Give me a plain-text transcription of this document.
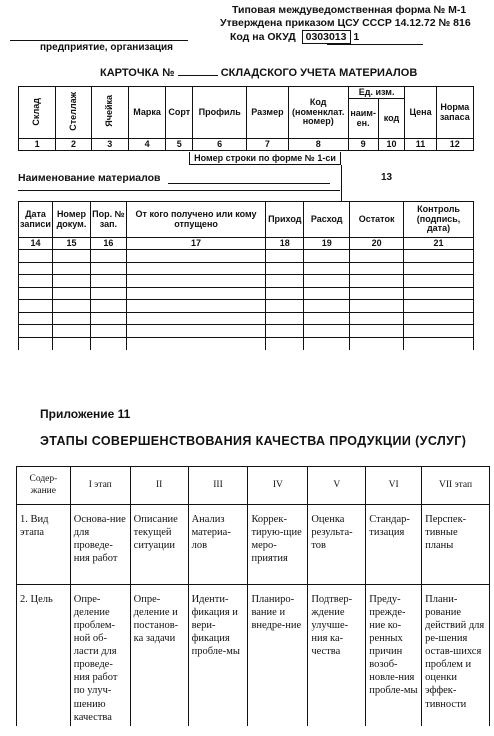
Типовая междуведомственная форма № М-1
Утверждена приказом ЦСУ СССР 14.12.72 № 816
Код на ОКУД 0303013 1
предприятие, организация
КАРТОЧКА №	СКЛАДСКОГО УЧЕТА МАТЕРИАЛОВ
Склад	Стеллаж	Ячейка	Марка	Сорт	Профиль	Размер	Код (номенклат. номер)	Ед. изм.		Цена	Норма запаса
								наим-ен.	код		
1	2	3	4	5	6	7	8	9	10	11	12
Номер строки по форме № 1-си
Наименование материалов	13
Дата записи	Номер докум.	Пор. № зап.	От кого получено или кому отпущено	Приход	Расход	Остаток	Контроль (подпись, дата)
14	15	16	17	18	19	20	21

Приложение 11
ЭТАПЫ СОВЕРШЕНСТВОВАНИЯ КАЧЕСТВА ПРОДУКЦИИ (УСЛУГ)
Содер-жание	I этап	II	III	IV	V	VI	VII этап
1. Вид этапа	Основа-ние для проведе-ния работ	Описание текущей ситуации	Анализ материа-лов	Коррек-тирую-щие меро-приятия	Оценка результа-тов	Стандар-тизация	Перспек-тивные планы
2. Цель	Опре-деление проблем-ной об-ласти для проведе-ния работ по улуч-шению качества	Опре-деление и постанов-ка задачи	Иденти-фикация и вери-фикация пробле-мы	Планиро-вание и внедре-ние	Подтвер-ждение улучше-ния ка-чества	Преду-прежде-ние ко-ренных причин возоб-новле-ния пробле-мы	Плани-рование действий для ре-шения остав-шихся проблем и оценки эффек-тивности
